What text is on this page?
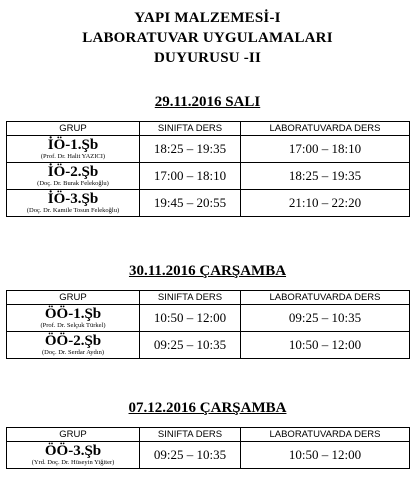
YAPI MALZEMESİ-I
LABORATUVAR UYGULAMALARI
DUYURUSU -II
29.11.2016 SALI
GRUP	SINIFTA DERS	LABORATUVARDA DERS

İÖ-1.Şb
(Prof. Dr. Halit YAZICI)	18:25 – 19:35	17:00 – 18:10

İÖ-2.Şb
(Doç. Dr. Burak Felekoğlu)	17:00 – 18:10	18:25 – 19:35

İÖ-3.Şb
(Doç. Dr. Kamile Tosun Felekoğlu)	19:45 – 20:55	21:10 – 22:20
30.11.2016 ÇARŞAMBA
GRUP	SINIFTA DERS	LABORATUVARDA DERS

ÖÖ-1.Şb
(Prof. Dr. Selçuk Türkel)	10:50 – 12:00	09:25 – 10:35

ÖÖ-2.Şb
(Doç. Dr. Serdar Aydın)	09:25 – 10:35	10:50 – 12:00
07.12.2016 ÇARŞAMBA
GRUP	SINIFTA DERS	LABORATUVARDA DERS

ÖÖ-3.Şb
(Yrd. Doç. Dr. Hüseyin Yiğiter)	09:25 – 10:35	10:50 – 12:00
